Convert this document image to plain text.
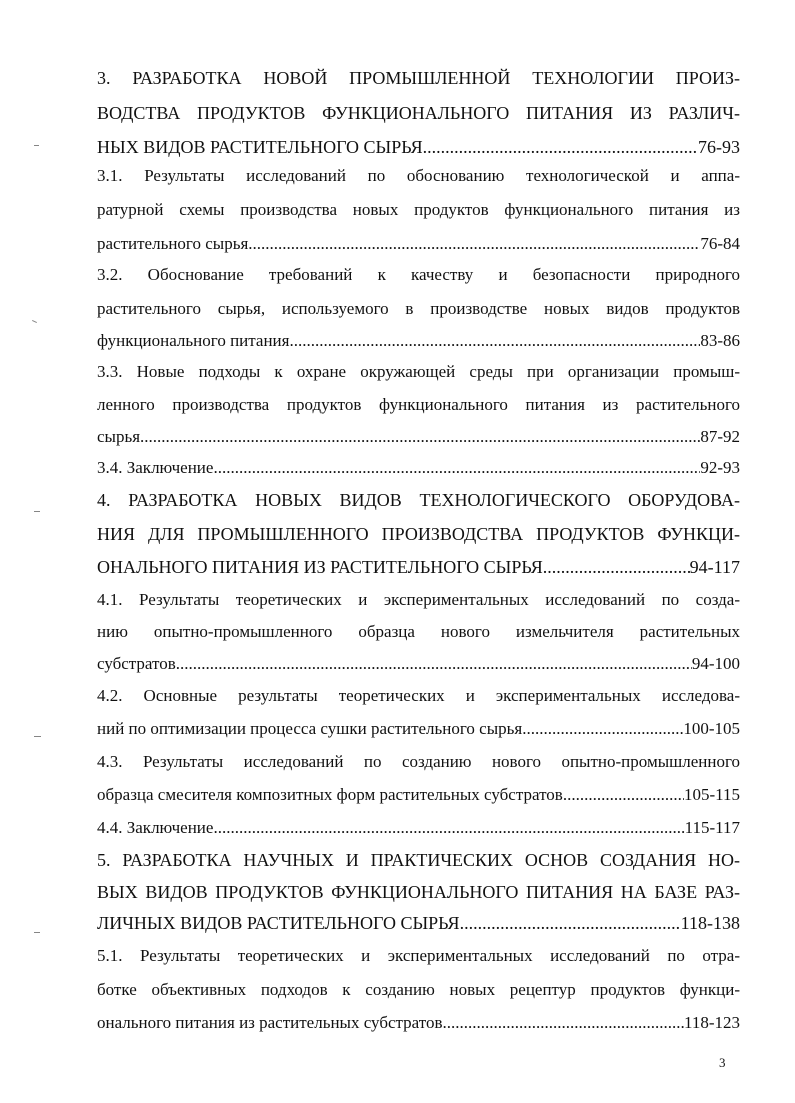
3. РАЗРАБОТКА НОВОЙ ПРОМЫШЛЕННОЙ ТЕХНОЛОГИИ ПРОИЗ-
ВОДСТВА ПРОДУКТОВ ФУНКЦИОНАЛЬНОГО ПИТАНИЯ ИЗ РАЗЛИЧ-
НЫХ ВИДОВ РАСТИТЕЛЬНОГО СЫРЬЯ .....	76-93
3.1. Результаты исследований по обоснованию технологической и аппа-
ратурной схемы производства новых продуктов функционального питания из
растительного сырья .....	76-84
3.2. Обоснование требований к качеству и безопасности природного
растительного сырья, используемого в производстве новых видов продуктов
функционального питания .....	83-86
3.3. Новые подходы к охране окружающей среды при организации промыш-
ленного производства продуктов функционального питания из растительного
сырья .....	87-92
3.4. Заключение .....	92-93
4. РАЗРАБОТКА НОВЫХ ВИДОВ ТЕХНОЛОГИЧЕСКОГО ОБОРУДОВА-
НИЯ ДЛЯ ПРОМЫШЛЕННОГО ПРОИЗВОДСТВА ПРОДУКТОВ ФУНКЦИ-
ОНАЛЬНОГО ПИТАНИЯ ИЗ РАСТИТЕЛЬНОГО СЫРЬЯ .....	94-117
4.1. Результаты теоретических и экспериментальных исследований по созда-
нию опытно-промышленного образца нового измельчителя растительных
субстратов .....	94-100
4.2. Основные результаты теоретических и экспериментальных исследова-
ний по оптимизации процесса сушки растительного сырья .....	100-105
4.3. Результаты исследований по созданию нового опытно-промышленного
образца смесителя композитных форм растительных субстратов .....	105-115
4.4. Заключение .....	115-117
5. РАЗРАБОТКА НАУЧНЫХ И ПРАКТИЧЕСКИХ ОСНОВ СОЗДАНИЯ НО-
ВЫХ ВИДОВ ПРОДУКТОВ ФУНКЦИОНАЛЬНОГО ПИТАНИЯ НА БАЗЕ РАЗ-
ЛИЧНЫХ ВИДОВ РАСТИТЕЛЬНОГО СЫРЬЯ .....	118-138
5.1. Результаты теоретических и экспериментальных исследований по отра-
ботке объективных подходов к созданию новых рецептур продуктов функци-
онального питания из растительных субстратов .....	118-123
3
